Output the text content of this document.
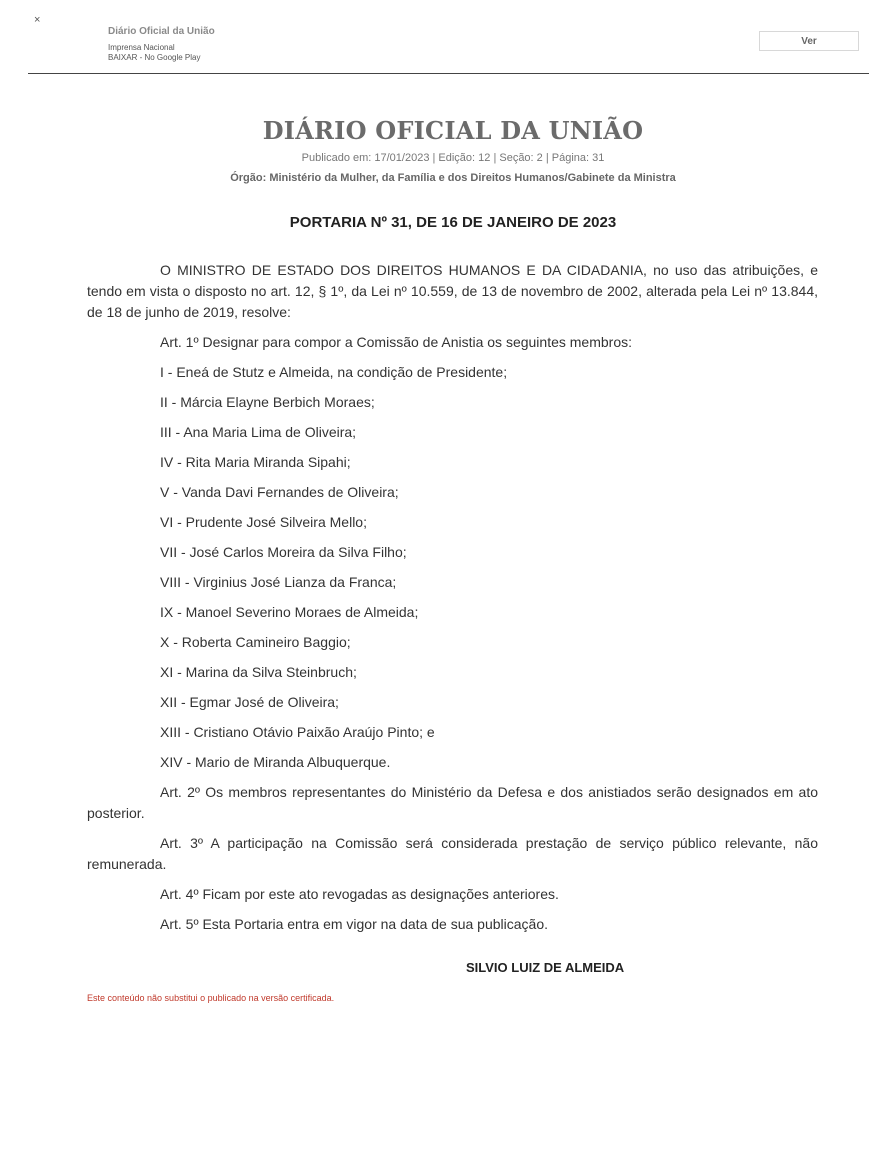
×
Diário Oficial da União
Imprensa Nacional
BAIXAR - No Google Play
Ver
DIÁRIO OFICIAL DA UNIÃO
Publicado em: 17/01/2023 | Edição: 12 | Seção: 2 | Página: 31
Órgão: Ministério da Mulher, da Família e dos Direitos Humanos/Gabinete da Ministra
PORTARIA Nº 31, DE 16 DE JANEIRO DE 2023

O MINISTRO DE ESTADO DOS DIREITOS HUMANOS E DA CIDADANIA, no uso das atribuições, e tendo em vista o disposto no art. 12, § 1º, da Lei nº 10.559, de 13 de novembro de 2002, alterada pela Lei nº 13.844, de 18 de junho de 2019, resolve:

Art. 1º Designar para compor a Comissão de Anistia os seguintes membros:

I - Eneá de Stutz e Almeida, na condição de Presidente;

II - Márcia Elayne Berbich Moraes;

III - Ana Maria Lima de Oliveira;

IV - Rita Maria Miranda Sipahi;

V - Vanda Davi Fernandes de Oliveira;

VI - Prudente José Silveira Mello;

VII - José Carlos Moreira da Silva Filho;

VIII - Virginius José Lianza da Franca;

IX - Manoel Severino Moraes de Almeida;

X - Roberta Camineiro Baggio;

XI - Marina da Silva Steinbruch;

XII - Egmar José de Oliveira;

XIII - Cristiano Otávio Paixão Araújo Pinto; e

XIV - Mario de Miranda Albuquerque.

Art. 2º Os membros representantes do Ministério da Defesa e dos anistiados serão designados em ato posterior.

Art. 3º A participação na Comissão será considerada prestação de serviço público relevante, não remunerada.

Art. 4º Ficam por este ato revogadas as designações anteriores.

Art. 5º Esta Portaria entra em vigor na data de sua publicação.

SILVIO LUIZ DE ALMEIDA
Este conteúdo não substitui o publicado na versão certificada.
